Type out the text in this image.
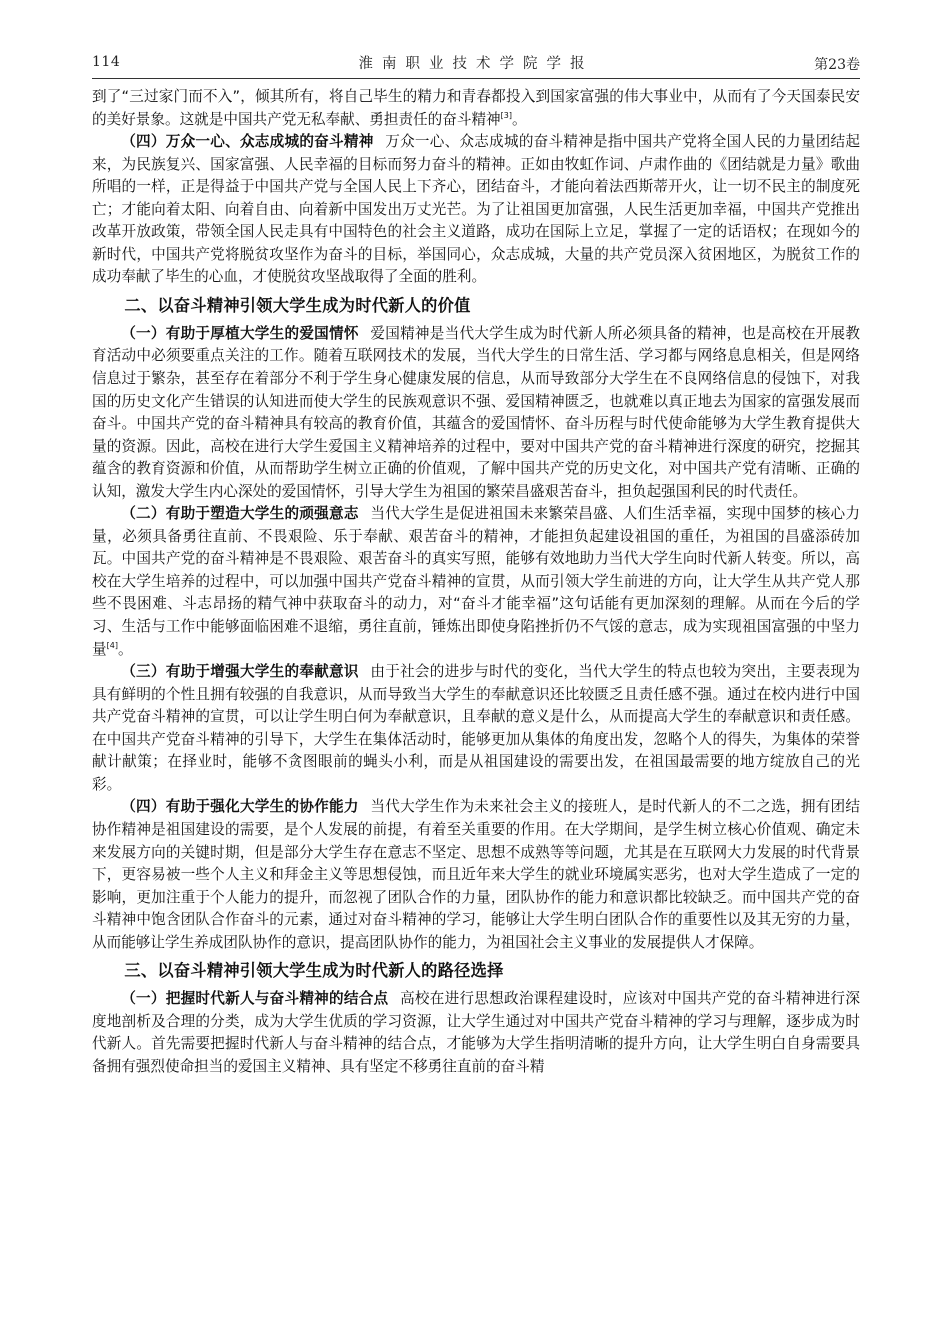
114	淮南职业技术学院学报	第23卷

到了“三过家门而不入”，倾其所有，将自己毕生的精力和青春都投入到国家富强的伟大事业中，从而有了今天国泰民安的美好景象。这就是中国共产党无私奉献、勇担责任的奋斗精神[3]。

（四）万众一心、众志成城的奋斗精神 万众一心、众志成城的奋斗精神是指中国共产党将全国人民的力量团结起来，为民族复兴、国家富强、人民幸福的目标而努力奋斗的精神。正如由牧虹作词、卢肃作曲的《团结就是力量》歌曲所唱的一样，正是得益于中国共产党与全国人民上下齐心，团结奋斗，才能向着法西斯蒂开火，让一切不民主的制度死亡；才能向着太阳、向着自由、向着新中国发出万丈光芒。为了让祖国更加富强，人民生活更加幸福，中国共产党推出改革开放政策，带领全国人民走具有中国特色的社会主义道路，成功在国际上立足，掌握了一定的话语权；在现如今的新时代，中国共产党将脱贫攻坚作为奋斗的目标，举国同心，众志成城，大量的共产党员深入贫困地区，为脱贫工作的成功奉献了毕生的心血，才使脱贫攻坚战取得了全面的胜利。

二、以奋斗精神引领大学生成为时代新人的价值

（一）有助于厚植大学生的爱国情怀 爱国精神是当代大学生成为时代新人所必须具备的精神，也是高校在开展教育活动中必须要重点关注的工作。随着互联网技术的发展，当代大学生的日常生活、学习都与网络息息相关，但是网络信息过于繁杂，甚至存在着部分不利于学生身心健康发展的信息，从而导致部分大学生在不良网络信息的侵蚀下，对我国的历史文化产生错误的认知进而使大学生的民族观意识不强、爱国精神匮乏，也就难以真正地去为国家的富强发展而奋斗。中国共产党的奋斗精神具有较高的教育价值，其蕴含的爱国情怀、奋斗历程与时代使命能够为大学生教育提供大量的资源。因此，高校在进行大学生爱国主义精神培养的过程中，要对中国共产党的奋斗精神进行深度的研究，挖掘其蕴含的教育资源和价值，从而帮助学生树立正确的价值观，了解中国共产党的历史文化，对中国共产党有清晰、正确的认知，激发大学生内心深处的爱国情怀，引导大学生为祖国的繁荣昌盛艰苦奋斗，担负起强国利民的时代责任。

（二）有助于塑造大学生的顽强意志 当代大学生是促进祖国未来繁荣昌盛、人们生活幸福，实现中国梦的核心力量，必须具备勇往直前、不畏艰险、乐于奉献、艰苦奋斗的精神，才能担负起建设祖国的重任，为祖国的昌盛添砖加瓦。中国共产党的奋斗精神是不畏艰险、艰苦奋斗的真实写照，能够有效地助力当代大学生向时代新人转变。所以，高校在大学生培养的过程中，可以加强中国共产党奋斗精神的宣贯，从而引领大学生前进的方向，让大学生从共产党人那些不畏困难、斗志昂扬的精气神中获取奋斗的动力，对“奋斗才能幸福”这句话能有更加深刻的理解。从而在今后的学习、生活与工作中能够面临困难不退缩，勇往直前，锤炼出即使身陷挫折仍不气馁的意志，成为实现祖国富强的中坚力量[4]。

（三）有助于增强大学生的奉献意识 由于社会的进步与时代的变化，当代大学生的特点也较为突出，主要表现为具有鲜明的个性且拥有较强的自我意识，从而导致当大学生的奉献意识还比较匮乏且责任感不强。通过在校内进行中国共产党奋斗精神的宣贯，可以让学生明白何为奉献意识，且奉献的意义是什么，从而提高大学生的奉献意识和责任感。在中国共产党奋斗精神的引导下，大学生在集体活动时，能够更加从集体的角度出发，忽略个人的得失，为集体的荣誉献计献策；在择业时，能够不贪图眼前的蝇头小利，而是从祖国建设的需要出发，在祖国最需要的地方绽放自己的光彩。

（四）有助于强化大学生的协作能力 当代大学生作为未来社会主义的接班人，是时代新人的不二之选，拥有团结协作精神是祖国建设的需要，是个人发展的前提，有着至关重要的作用。在大学期间，是学生树立核心价值观、确定未来发展方向的关键时期，但是部分大学生存在意志不坚定、思想不成熟等等问题，尤其是在互联网大力发展的时代背景下，更容易被一些个人主义和拜金主义等思想侵蚀，而且近年来大学生的就业环境属实恶劣，也对大学生造成了一定的影响，更加注重于个人能力的提升，而忽视了团队合作的力量，团队协作的能力和意识都比较缺乏。而中国共产党的奋斗精神中饱含团队合作奋斗的元素，通过对奋斗精神的学习，能够让大学生明白团队合作的重要性以及其无穷的力量，从而能够让学生养成团队协作的意识，提高团队协作的能力，为祖国社会主义事业的发展提供人才保障。

三、以奋斗精神引领大学生成为时代新人的路径选择

（一）把握时代新人与奋斗精神的结合点 高校在进行思想政治课程建设时，应该对中国共产党的奋斗精神进行深度地剖析及合理的分类，成为大学生优质的学习资源，让大学生通过对中国共产党奋斗精神的学习与理解，逐步成为时代新人。首先需要把握时代新人与奋斗精神的结合点，才能够为大学生指明清晰的提升方向，让大学生明白自身需要具备拥有强烈使命担当的爱国主义精神、具有坚定不移勇往直前的奋斗精
